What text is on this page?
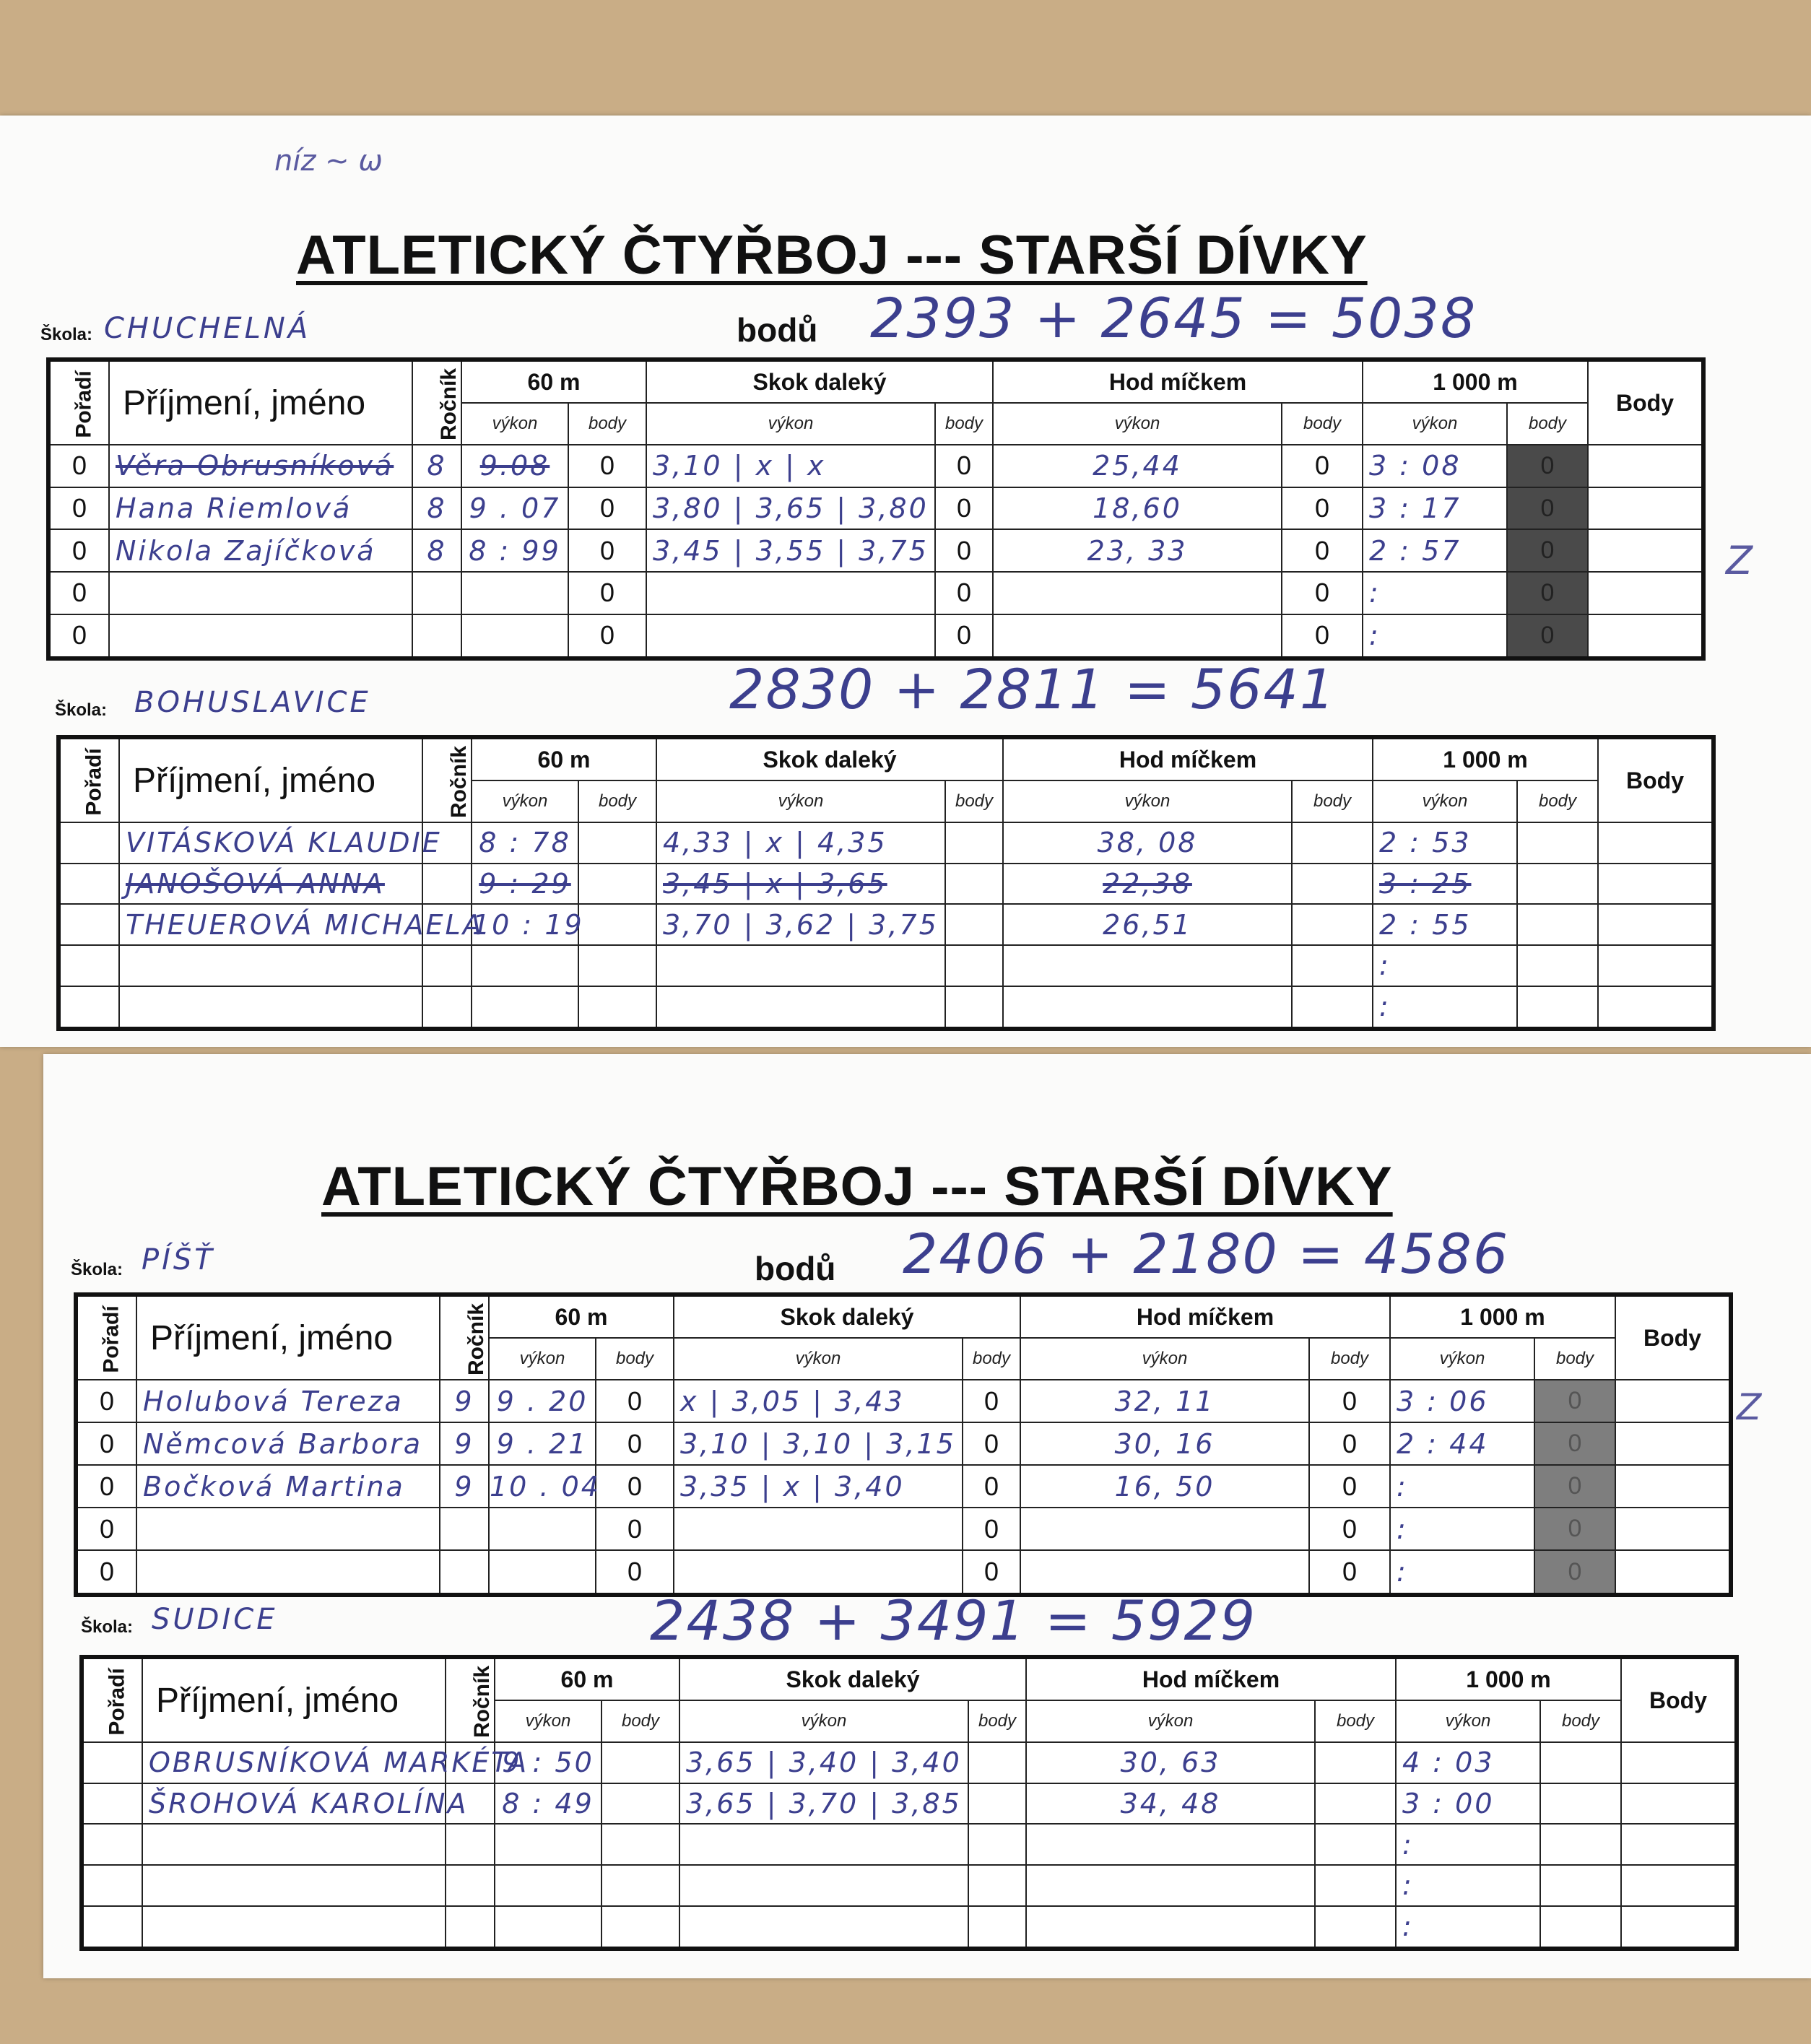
níz ~ ω
ATLETICKÝ ČTYŘBOJ --- STARŠÍ DÍVKY
Škola: CHUCHELNÁ	bodů 2393 + 2645 = 5038
Pořadí	Příjmení, jméno	Ročník	60 m		Skok daleký		Hod míčkem		1 000 m		Body
			výkon	body	výkon	body	výkon	body	výkon	body	
0	Věra Obrusníková	8	9.08	0	3,10 | x | x	0	25,44	0	3 : 08	0	
0	Hana Riemlová	8	9 . 07	0	3,80 | 3,65 | 3,80	0	18,60	0	3 : 17	0	
0	Nikola Zajíčková	8	8 : 99	0	3,45 | 3,55 | 3,75	0	23, 33	0	2 : 57	0	
0				0		0		0	:	0	
0				0		0		0	:	0	
Z
Škola: BOHUSLAVICE	2830 + 2811 = 5641
Pořadí	Příjmení, jméno	Ročník	60 m		Skok daleký		Hod míčkem		1 000 m		Body
			výkon	body	výkon	body	výkon	body	výkon	body	
	VITÁSKOVÁ KLAUDIE		8 : 78		4,33 | x | 4,35		38, 08		2 : 53		
	JANOŠOVÁ ANNA		9 : 29		3,45 | x | 3,65		22,38		3 : 25		
	THEUEROVÁ MICHAELA		10 : 19		3,70 | 3,62 | 3,75		26,51		2 : 55		
									:		
									:		
ATLETICKÝ ČTYŘBOJ --- STARŠÍ DÍVKY
Škola: PÍŠŤ	bodů 2406 + 2180 = 4586
Pořadí	Příjmení, jméno	Ročník	60 m		Skok daleký		Hod míčkem		1 000 m		Body
			výkon	body	výkon	body	výkon	body	výkon	body	
0	Holubová Tereza	9	9 . 20	0	x | 3,05 | 3,43	0	32, 11	0	3 : 06	0	
0	Němcová Barbora	9	9 . 21	0	3,10 | 3,10 | 3,15	0	30, 16	0	2 : 44	0	
0	Bočková Martina	9	10 . 04	0	3,35 | x | 3,40	0	16, 50	0	:	0	
0				0		0		0	:	0	
0				0		0		0	:	0	
Z
Škola: SUDICE	2438 + 3491 = 5929
Pořadí	Příjmení, jméno	Ročník	60 m		Skok daleký		Hod míčkem		1 000 m		Body
			výkon	body	výkon	body	výkon	body	výkon	body	
	OBRUSNÍKOVÁ MARKÉTA		9 : 50		3,65 | 3,40 | 3,40		30, 63		4 : 03		
	ŠROHOVÁ KAROLÍNA		8 : 49		3,65 | 3,70 | 3,85		34, 48		3 : 00		
									:		
									:		
									:		
